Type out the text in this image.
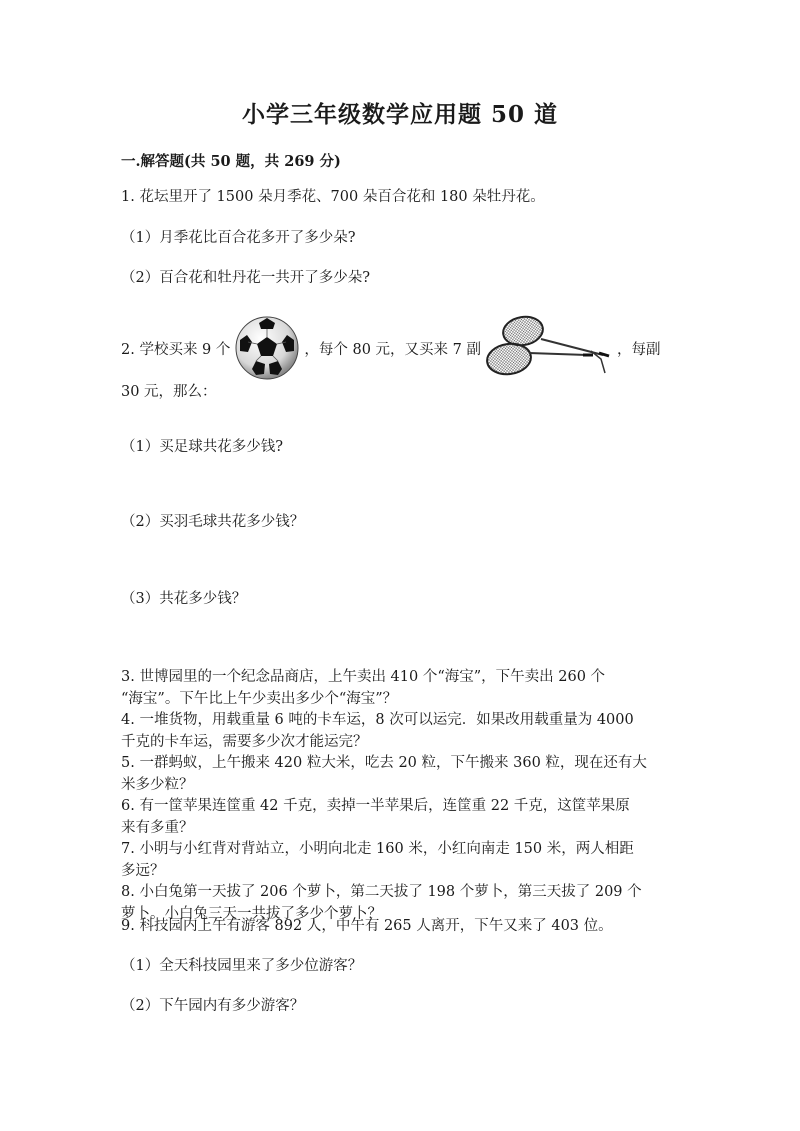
小学三年级数学应用题 50 道

一.解答题(共 50 题，共 269 分)

1. 花坛里开了 1500 朵月季花、700 朵百合花和 180 朵牡丹花。

（1）月季花比百合花多开了多少朵?

（2）百合花和牡丹花一共开了多少朵?

2. 学校买来 9 个	，每个 80 元，又买来 7 副	，每副

30 元，那么：

（1）买足球共花多少钱?

（2）买羽毛球共花多少钱？

（3）共花多少钱？

3. 世博园里的一个纪念品商店，上午卖出 410 个“海宝”，下午卖出 260 个

“海宝”。下午比上午少卖出多少个“海宝”？

4. 一堆货物，用载重量 6 吨的卡车运，8 次可以运完．如果改用载重量为 4000

千克的卡车运，需要多少次才能运完？

5. 一群蚂蚁，上午搬来 420 粒大米，吃去 20 粒，下午搬来 360 粒，现在还有大

米多少粒？

6. 有一筐苹果连筐重 42 千克，卖掉一半苹果后，连筐重 22 千克，这筐苹果原

来有多重？

7. 小明与小红背对背站立，小明向北走 160 米，小红向南走 150 米，两人相距

多远？

8. 小白兔第一天拔了 206 个萝卜，第二天拔了 198 个萝卜，第三天拔了 209 个

萝卜。小白兔三天一共拔了多少个萝卜？

9. 科技园内上午有游客 892 人，中午有 265 人离开，下午又来了 403 位。

（1）全天科技园里来了多少位游客？

（2）下午园内有多少游客？
